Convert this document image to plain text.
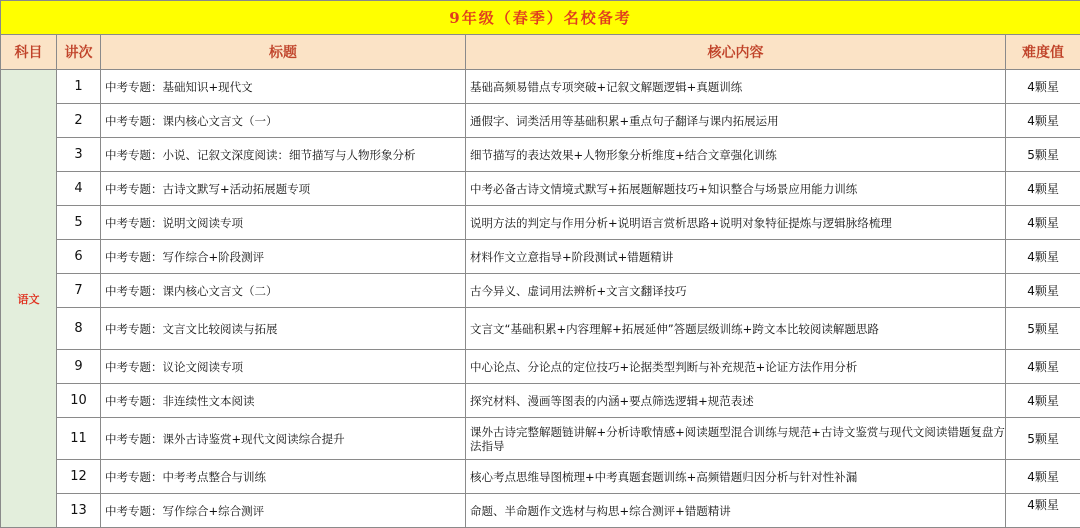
9年级（春季）名校备考				
科目	讲次	标题	核心内容	难度值
语文	1	中考专题：基础知识+现代文	基础高频易错点专项突破+记叙文解题逻辑+真题训练	4颗星
	2	中考专题：课内核心文言文（一）	通假字、词类活用等基础积累+重点句子翻译与课内拓展运用	4颗星
	3	中考专题：小说、记叙文深度阅读：细节描写与人物形象分析	细节描写的表达效果+人物形象分析维度+结合文章强化训练	5颗星
	4	中考专题：古诗文默写+活动拓展题专项	中考必备古诗文情境式默写+拓展题解题技巧+知识整合与场景应用能力训练	4颗星
	5	中考专题：说明文阅读专项	说明方法的判定与作用分析+说明语言赏析思路+说明对象特征提炼与逻辑脉络梳理	4颗星
	6	中考专题：写作综合+阶段测评	材料作文立意指导+阶段测试+错题精讲	4颗星
	7	中考专题：课内核心文言文（二）	古今异义、虚词用法辨析+文言文翻译技巧	4颗星
	8	中考专题：文言文比较阅读与拓展	文言文“基础积累+内容理解+拓展延伸”答题层级训练+跨文本比较阅读解题思路	5颗星
	9	中考专题：议论文阅读专项	中心论点、分论点的定位技巧+论据类型判断与补充规范+论证方法作用分析	4颗星
	10	中考专题：非连续性文本阅读	探究材料、漫画等图表的内涵+要点筛选逻辑+规范表述	4颗星
	11	中考专题：课外古诗鉴赏+现代文阅读综合提升	课外古诗完整解题链讲解+分析诗歌情感+阅读题型混合训练与规范+古诗文鉴赏与现代文阅读错题复盘方法指导	5颗星
	12	中考专题：中考考点整合与训练	核心考点思维导图梳理+中考真题套题训练+高频错题归因分析与针对性补漏	4颗星
	13	中考专题：写作综合+综合测评	命题、半命题作文选材与构思+综合测评+错题精讲	4颗星
